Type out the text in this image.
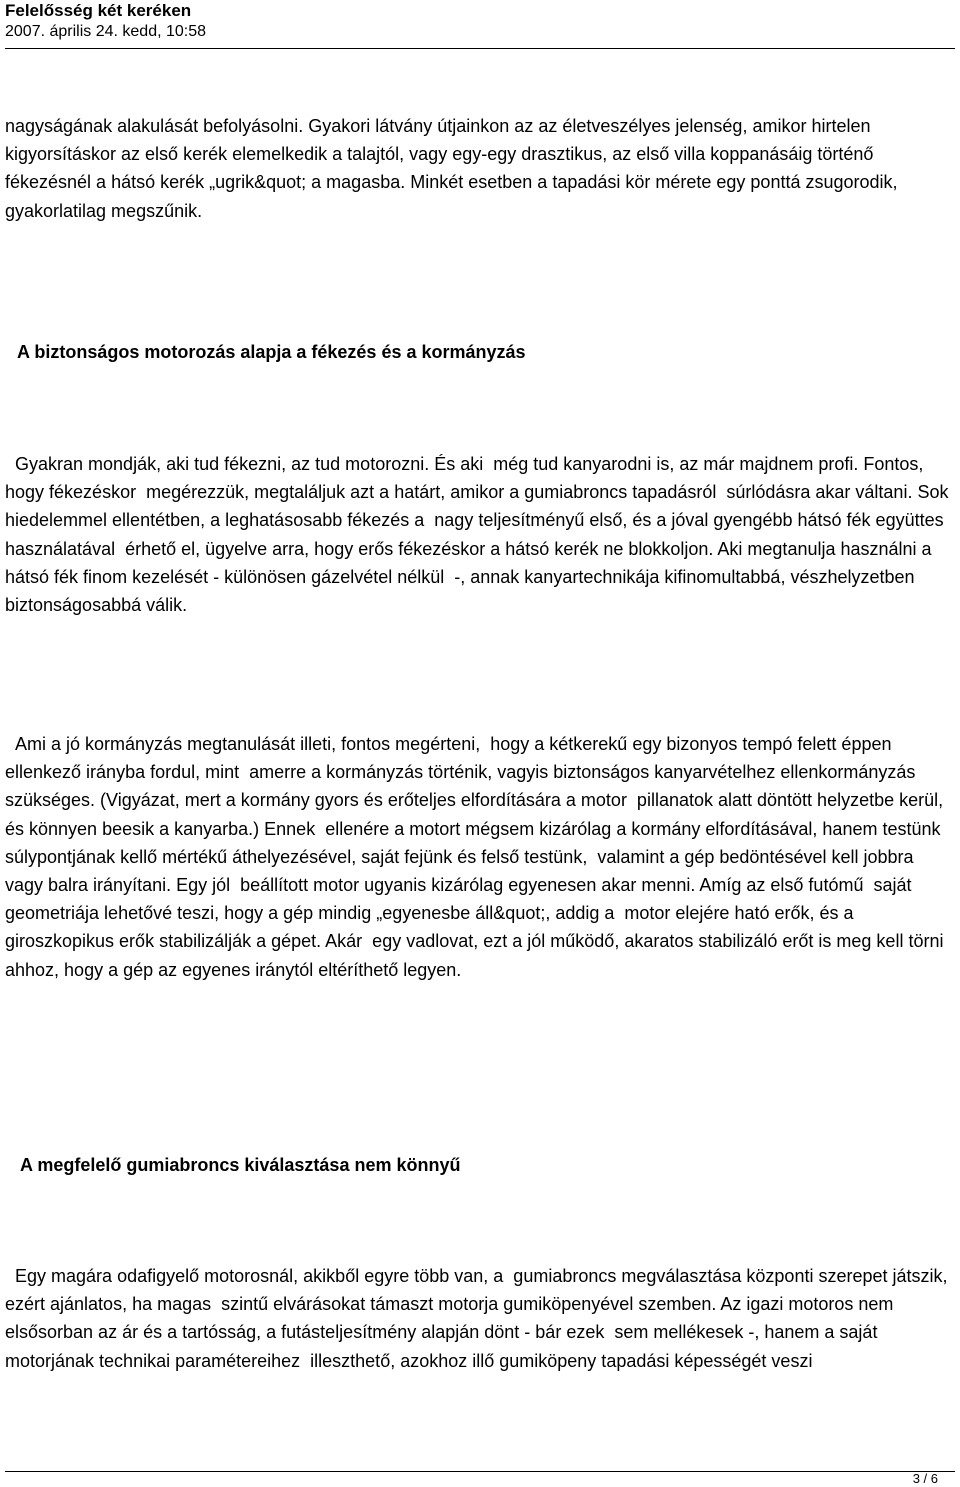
Felelősség két keréken
2007. április 24. kedd, 10:58

nagyságának alakulását befolyásolni. Gyakori látvány útjainkon az az életveszélyes jelenség, amikor hirtelen kigyorsításkor az első kerék elemelkedik a talajtól, vagy egy-egy drasztikus, az első villa koppanásáig történő fékezésnél a hátsó kerék „ugrik&quot; a magasba. Minkét esetben a tapadási kör mérete egy ponttá zsugorodik, gyakorlatilag megszűnik.

A biztonságos motorozás alapja a fékezés és a kormányzás

Gyakran mondják, aki tud fékezni, az tud motorozni. És aki  még tud kanyarodni is, az már majdnem profi. Fontos, hogy fékezéskor  megérezzük, megtaláljuk azt a határt, amikor a gumiabroncs tapadásról  súrlódásra akar váltani. Sok hiedelemmel ellentétben, a leghatásosabb fékezés a  nagy teljesítményű első, és a jóval gyengébb hátsó fék együttes használatával  érhető el, ügyelve arra, hogy erős fékezéskor a hátsó kerék ne blokkoljon. Aki megtanulja használni a hátsó fék finom kezelését - különösen gázelvétel nélkül  -, annak kanyartechnikája kifinomultabbá, vészhelyzetben biztonságosabbá válik.

Ami a jó kormányzás megtanulását illeti, fontos megérteni,  hogy a kétkerekű egy bizonyos tempó felett éppen ellenkező irányba fordul, mint  amerre a kormányzás történik, vagyis biztonságos kanyarvételhez ellenkormányzás  szükséges. (Vigyázat, mert a kormány gyors és erőteljes elfordítására a motor  pillanatok alatt döntött helyzetbe kerül, és könnyen beesik a kanyarba.) Ennek  ellenére a motort mégsem kizárólag a kormány elfordításával, hanem testünk  súlypontjának kellő mértékű áthelyezésével, saját fejünk és felső testünk,  valamint a gép bedöntésével kell jobbra vagy balra irányítani. Egy jól  beállított motor ugyanis kizárólag egyenesen akar menni. Amíg az első futómű  saját geometriája lehetővé teszi, hogy a gép mindig „egyenesbe áll&quot;, addig a  motor elejére ható erők, és a giroszkopikus erők stabilizálják a gépet. Akár  egy vadlovat, ezt a jól működő, akaratos stabilizáló erőt is meg kell törni  ahhoz, hogy a gép az egyenes iránytól eltéríthető legyen.

A megfelelő gumiabroncs kiválasztása nem könnyű

Egy magára odafigyelő motorosnál, akikből egyre több van, a  gumiabroncs megválasztása központi szerepet játszik, ezért ajánlatos, ha magas  szintű elvárásokat támaszt motorja gumiköpenyével szemben. Az igazi motoros nem  elsősorban az ár és a tartósság, a futásteljesítmény alapján dönt - bár ezek  sem mellékesek -, hanem a saját motorjának technikai paramétereihez  illeszthető, azokhoz illő gumiköpeny tapadási képességét veszi

3 / 6
